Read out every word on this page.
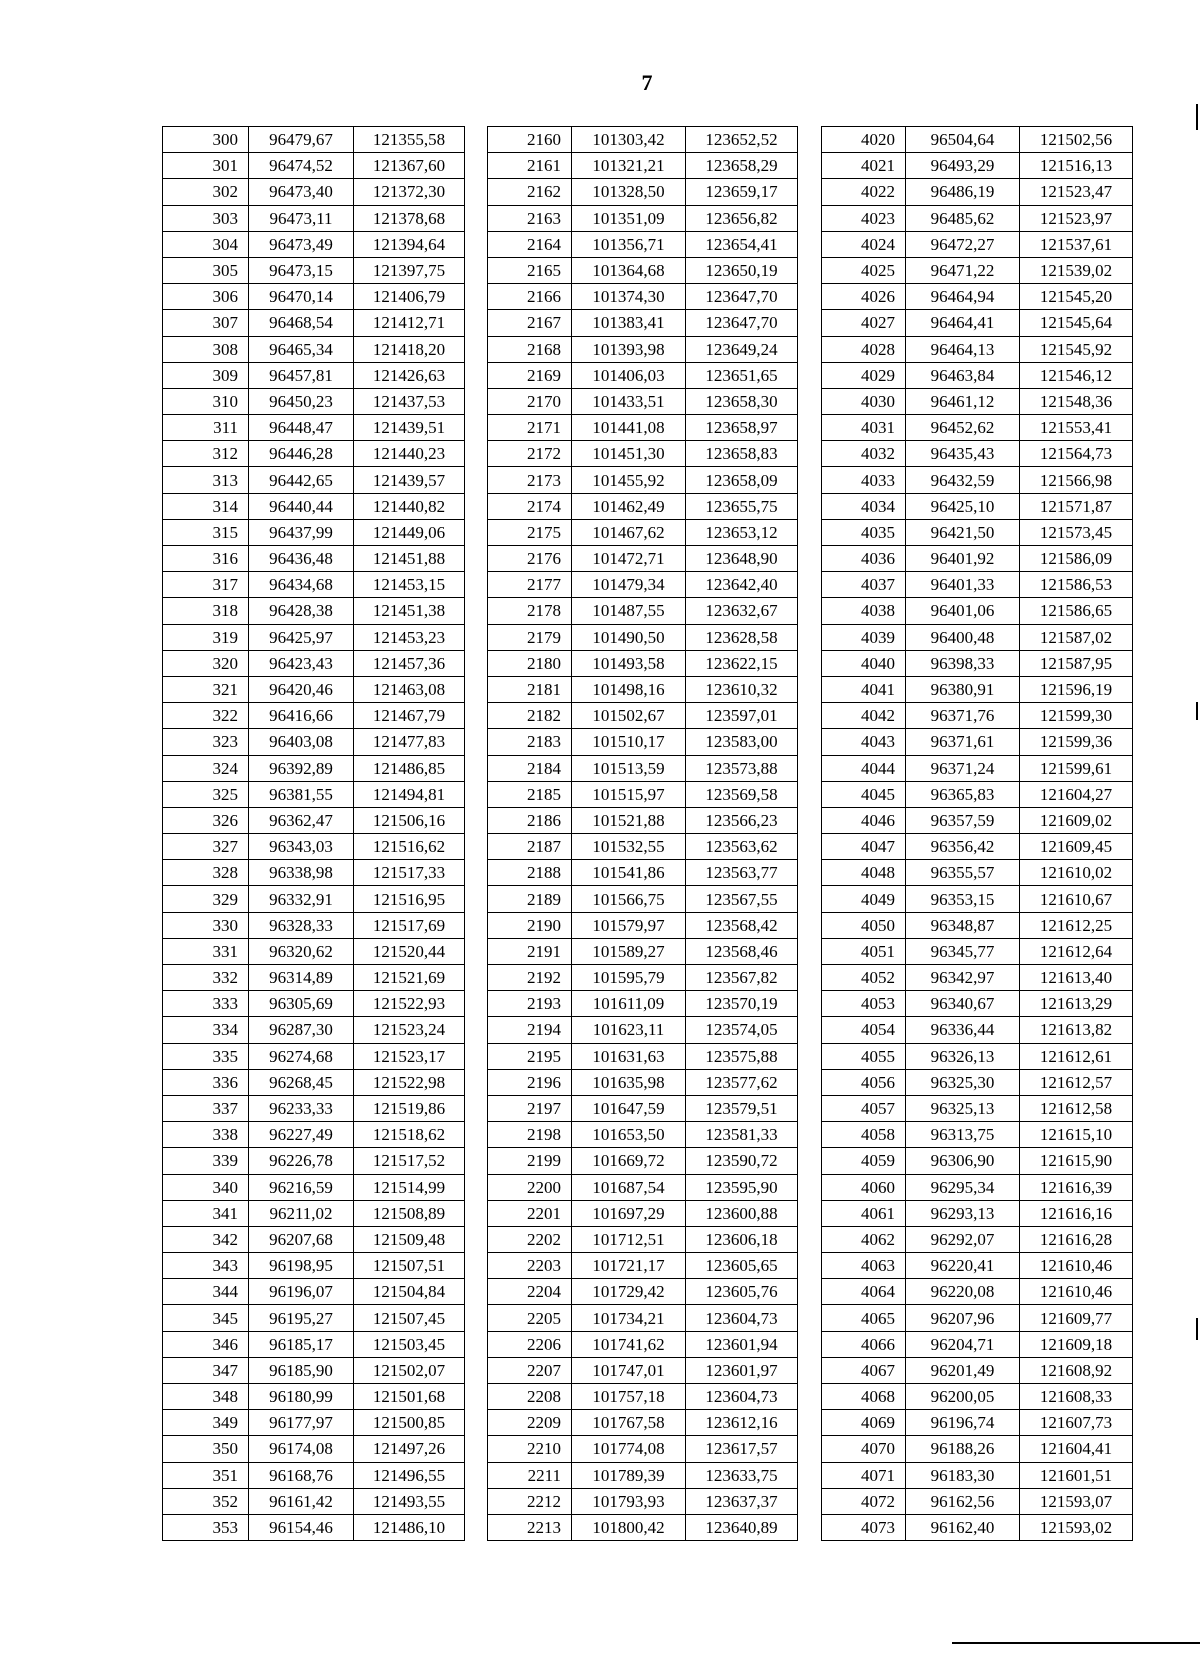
7
300	96479,67	121355,58
301	96474,52	121367,60
302	96473,40	121372,30
303	96473,11	121378,68
304	96473,49	121394,64
305	96473,15	121397,75
306	96470,14	121406,79
307	96468,54	121412,71
308	96465,34	121418,20
309	96457,81	121426,63
310	96450,23	121437,53
311	96448,47	121439,51
312	96446,28	121440,23
313	96442,65	121439,57
314	96440,44	121440,82
315	96437,99	121449,06
316	96436,48	121451,88
317	96434,68	121453,15
318	96428,38	121451,38
319	96425,97	121453,23
320	96423,43	121457,36
321	96420,46	121463,08
322	96416,66	121467,79
323	96403,08	121477,83
324	96392,89	121486,85
325	96381,55	121494,81
326	96362,47	121506,16
327	96343,03	121516,62
328	96338,98	121517,33
329	96332,91	121516,95
330	96328,33	121517,69
331	96320,62	121520,44
332	96314,89	121521,69
333	96305,69	121522,93
334	96287,30	121523,24
335	96274,68	121523,17
336	96268,45	121522,98
337	96233,33	121519,86
338	96227,49	121518,62
339	96226,78	121517,52
340	96216,59	121514,99
341	96211,02	121508,89
342	96207,68	121509,48
343	96198,95	121507,51
344	96196,07	121504,84
345	96195,27	121507,45
346	96185,17	121503,45
347	96185,90	121502,07
348	96180,99	121501,68
349	96177,97	121500,85
350	96174,08	121497,26
351	96168,76	121496,55
352	96161,42	121493,55
353	96154,46	121486,10
2160	101303,42	123652,52
2161	101321,21	123658,29
2162	101328,50	123659,17
2163	101351,09	123656,82
2164	101356,71	123654,41
2165	101364,68	123650,19
2166	101374,30	123647,70
2167	101383,41	123647,70
2168	101393,98	123649,24
2169	101406,03	123651,65
2170	101433,51	123658,30
2171	101441,08	123658,97
2172	101451,30	123658,83
2173	101455,92	123658,09
2174	101462,49	123655,75
2175	101467,62	123653,12
2176	101472,71	123648,90
2177	101479,34	123642,40
2178	101487,55	123632,67
2179	101490,50	123628,58
2180	101493,58	123622,15
2181	101498,16	123610,32
2182	101502,67	123597,01
2183	101510,17	123583,00
2184	101513,59	123573,88
2185	101515,97	123569,58
2186	101521,88	123566,23
2187	101532,55	123563,62
2188	101541,86	123563,77
2189	101566,75	123567,55
2190	101579,97	123568,42
2191	101589,27	123568,46
2192	101595,79	123567,82
2193	101611,09	123570,19
2194	101623,11	123574,05
2195	101631,63	123575,88
2196	101635,98	123577,62
2197	101647,59	123579,51
2198	101653,50	123581,33
2199	101669,72	123590,72
2200	101687,54	123595,90
2201	101697,29	123600,88
2202	101712,51	123606,18
2203	101721,17	123605,65
2204	101729,42	123605,76
2205	101734,21	123604,73
2206	101741,62	123601,94
2207	101747,01	123601,97
2208	101757,18	123604,73
2209	101767,58	123612,16
2210	101774,08	123617,57
2211	101789,39	123633,75
2212	101793,93	123637,37
2213	101800,42	123640,89
4020	96504,64	121502,56
4021	96493,29	121516,13
4022	96486,19	121523,47
4023	96485,62	121523,97
4024	96472,27	121537,61
4025	96471,22	121539,02
4026	96464,94	121545,20
4027	96464,41	121545,64
4028	96464,13	121545,92
4029	96463,84	121546,12
4030	96461,12	121548,36
4031	96452,62	121553,41
4032	96435,43	121564,73
4033	96432,59	121566,98
4034	96425,10	121571,87
4035	96421,50	121573,45
4036	96401,92	121586,09
4037	96401,33	121586,53
4038	96401,06	121586,65
4039	96400,48	121587,02
4040	96398,33	121587,95
4041	96380,91	121596,19
4042	96371,76	121599,30
4043	96371,61	121599,36
4044	96371,24	121599,61
4045	96365,83	121604,27
4046	96357,59	121609,02
4047	96356,42	121609,45
4048	96355,57	121610,02
4049	96353,15	121610,67
4050	96348,87	121612,25
4051	96345,77	121612,64
4052	96342,97	121613,40
4053	96340,67	121613,29
4054	96336,44	121613,82
4055	96326,13	121612,61
4056	96325,30	121612,57
4057	96325,13	121612,58
4058	96313,75	121615,10
4059	96306,90	121615,90
4060	96295,34	121616,39
4061	96293,13	121616,16
4062	96292,07	121616,28
4063	96220,41	121610,46
4064	96220,08	121610,46
4065	96207,96	121609,77
4066	96204,71	121609,18
4067	96201,49	121608,92
4068	96200,05	121608,33
4069	96196,74	121607,73
4070	96188,26	121604,41
4071	96183,30	121601,51
4072	96162,56	121593,07
4073	96162,40	121593,02
